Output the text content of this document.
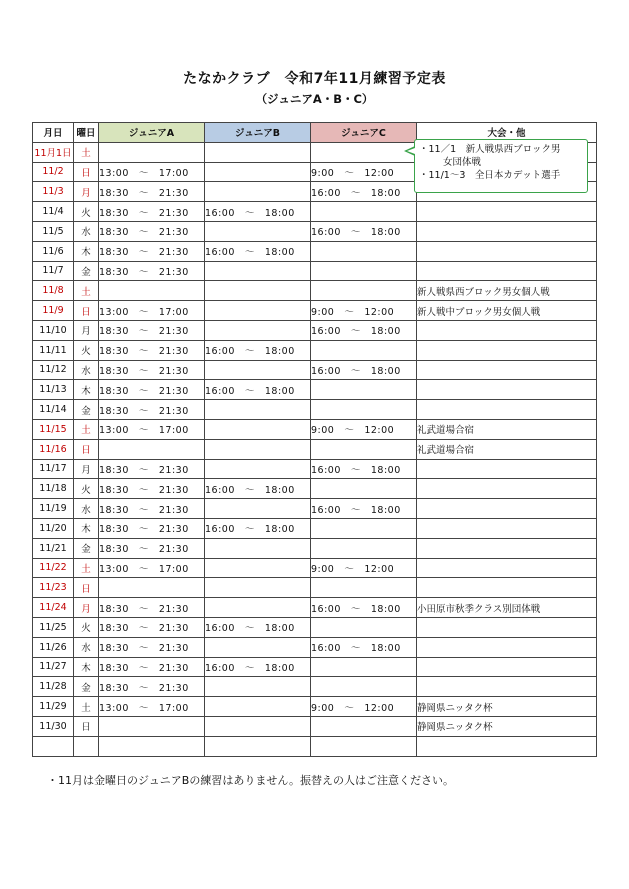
たなかクラブ　令和7年11月練習予定表
（ジュニアA・B・C）
月日	曜日	ジュニアA	ジュニアB	ジュニアC	大会・他
11月1日	土				
11/2	日	13:00　～　17:00		9:00　～　12:00	
11/3	月	18:30　～　21:30		16:00　～　18:00	
11/4	火	18:30　～　21:30	16:00　～　18:00		
11/5	水	18:30　～　21:30		16:00　～　18:00	
11/6	木	18:30　～　21:30	16:00　～　18:00		
11/7	金	18:30　～　21:30			
11/8	土				新人戦県西ブロック男女個人戦
11/9	日	13:00　～　17:00		9:00　～　12:00	新人戦中ブロック男女個人戦
11/10	月	18:30　～　21:30		16:00　～　18:00	
11/11	火	18:30　～　21:30	16:00　～　18:00		
11/12	水	18:30　～　21:30		16:00　～　18:00	
11/13	木	18:30　～　21:30	16:00　～　18:00		
11/14	金	18:30　～　21:30			
11/15	土	13:00　～　17:00		9:00　～　12:00	礼武道場合宿
11/16	日				礼武道場合宿
11/17	月	18:30　～　21:30		16:00　～　18:00	
11/18	火	18:30　～　21:30	16:00　～　18:00		
11/19	水	18:30　～　21:30		16:00　～　18:00	
11/20	木	18:30　～　21:30	16:00　～　18:00		
11/21	金	18:30　～　21:30			
11/22	土	13:00　～　17:00		9:00　～　12:00	
11/23	日				
11/24	月	18:30　～　21:30		16:00　～　18:00	小田原市秋季クラス別団体戦
11/25	火	18:30　～　21:30	16:00　～　18:00		
11/26	水	18:30　～　21:30		16:00　～　18:00	
11/27	木	18:30　～　21:30	16:00　～　18:00		
11/28	金	18:30　～　21:30			
11/29	土	13:00　～　17:00		9:00　～　12:00	静岡県ニッタク杯
11/30	日				静岡県ニッタク杯

・11／1　新人戦県西ブロック男
女団体戦
・11/1～3　全日本カデット選手
・11月は金曜日のジュニアBの練習はありません。振替えの人はご注意ください。
